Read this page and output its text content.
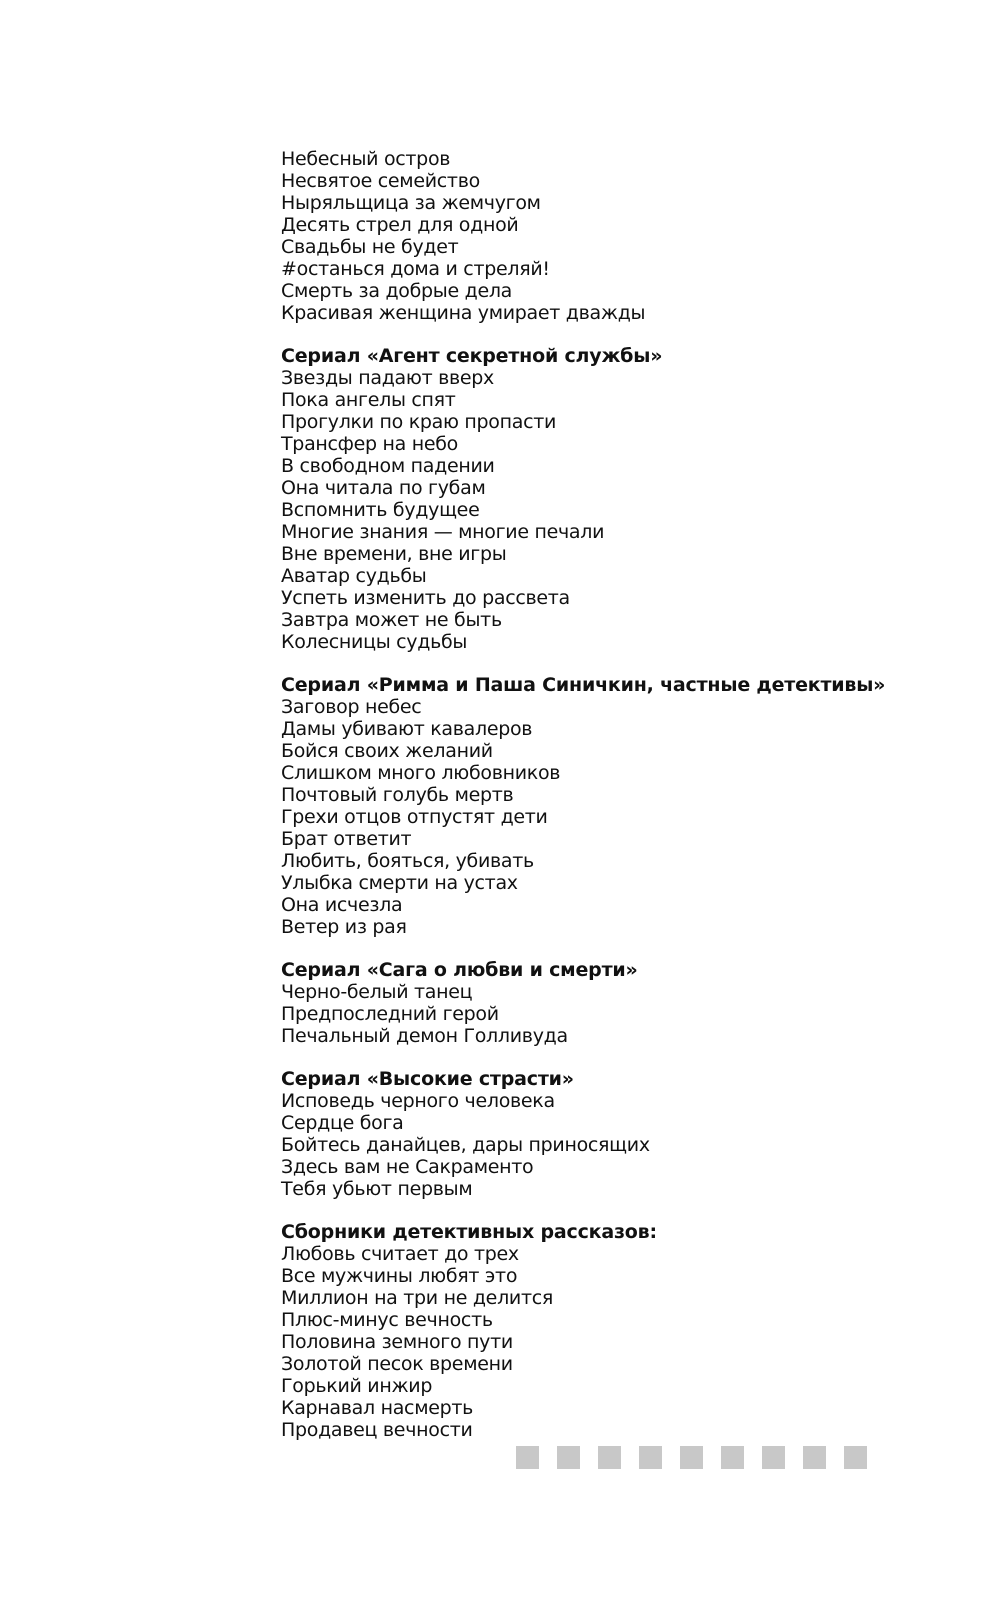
Небесный остров
Несвятое семейство
Ныряльщица за жемчугом
Десять стрел для одной
Свадьбы не будет
#останься дома и стреляй!
Смерть за добрые дела
Красивая женщина умирает дважды
Сериал «Агент секретной службы»
Звезды падают вверх
Пока ангелы спят
Прогулки по краю пропасти
Трансфер на небо
В свободном падении
Она читала по губам
Вспомнить будущее
Многие знания — многие печали
Вне времени, вне игры
Аватар судьбы
Успеть изменить до рассвета
Завтра может не быть
Колесницы судьбы
Сериал «Римма и Паша Синичкин, частные детективы»
Заговор небес
Дамы убивают кавалеров
Бойся своих желаний
Слишком много любовников
Почтовый голубь мертв
Грехи отцов отпустят дети
Брат ответит
Любить, бояться, убивать
Улыбка смерти на устах
Она исчезла
Ветер из рая
Сериал «Сага о любви и смерти»
Черно-белый танец
Предпоследний герой
Печальный демон Голливуда
Сериал «Высокие страсти»
Исповедь черного человека
Сердце бога
Бойтесь данайцев, дары приносящих
Здесь вам не Сакраменто
Тебя убьют первым
Сборники детективных рассказов:
Любовь считает до трех
Все мужчины любят это
Миллион на три не делится
Плюс-минус вечность
Половина земного пути
Золотой песок времени
Горький инжир
Карнавал насмерть
Продавец вечности
